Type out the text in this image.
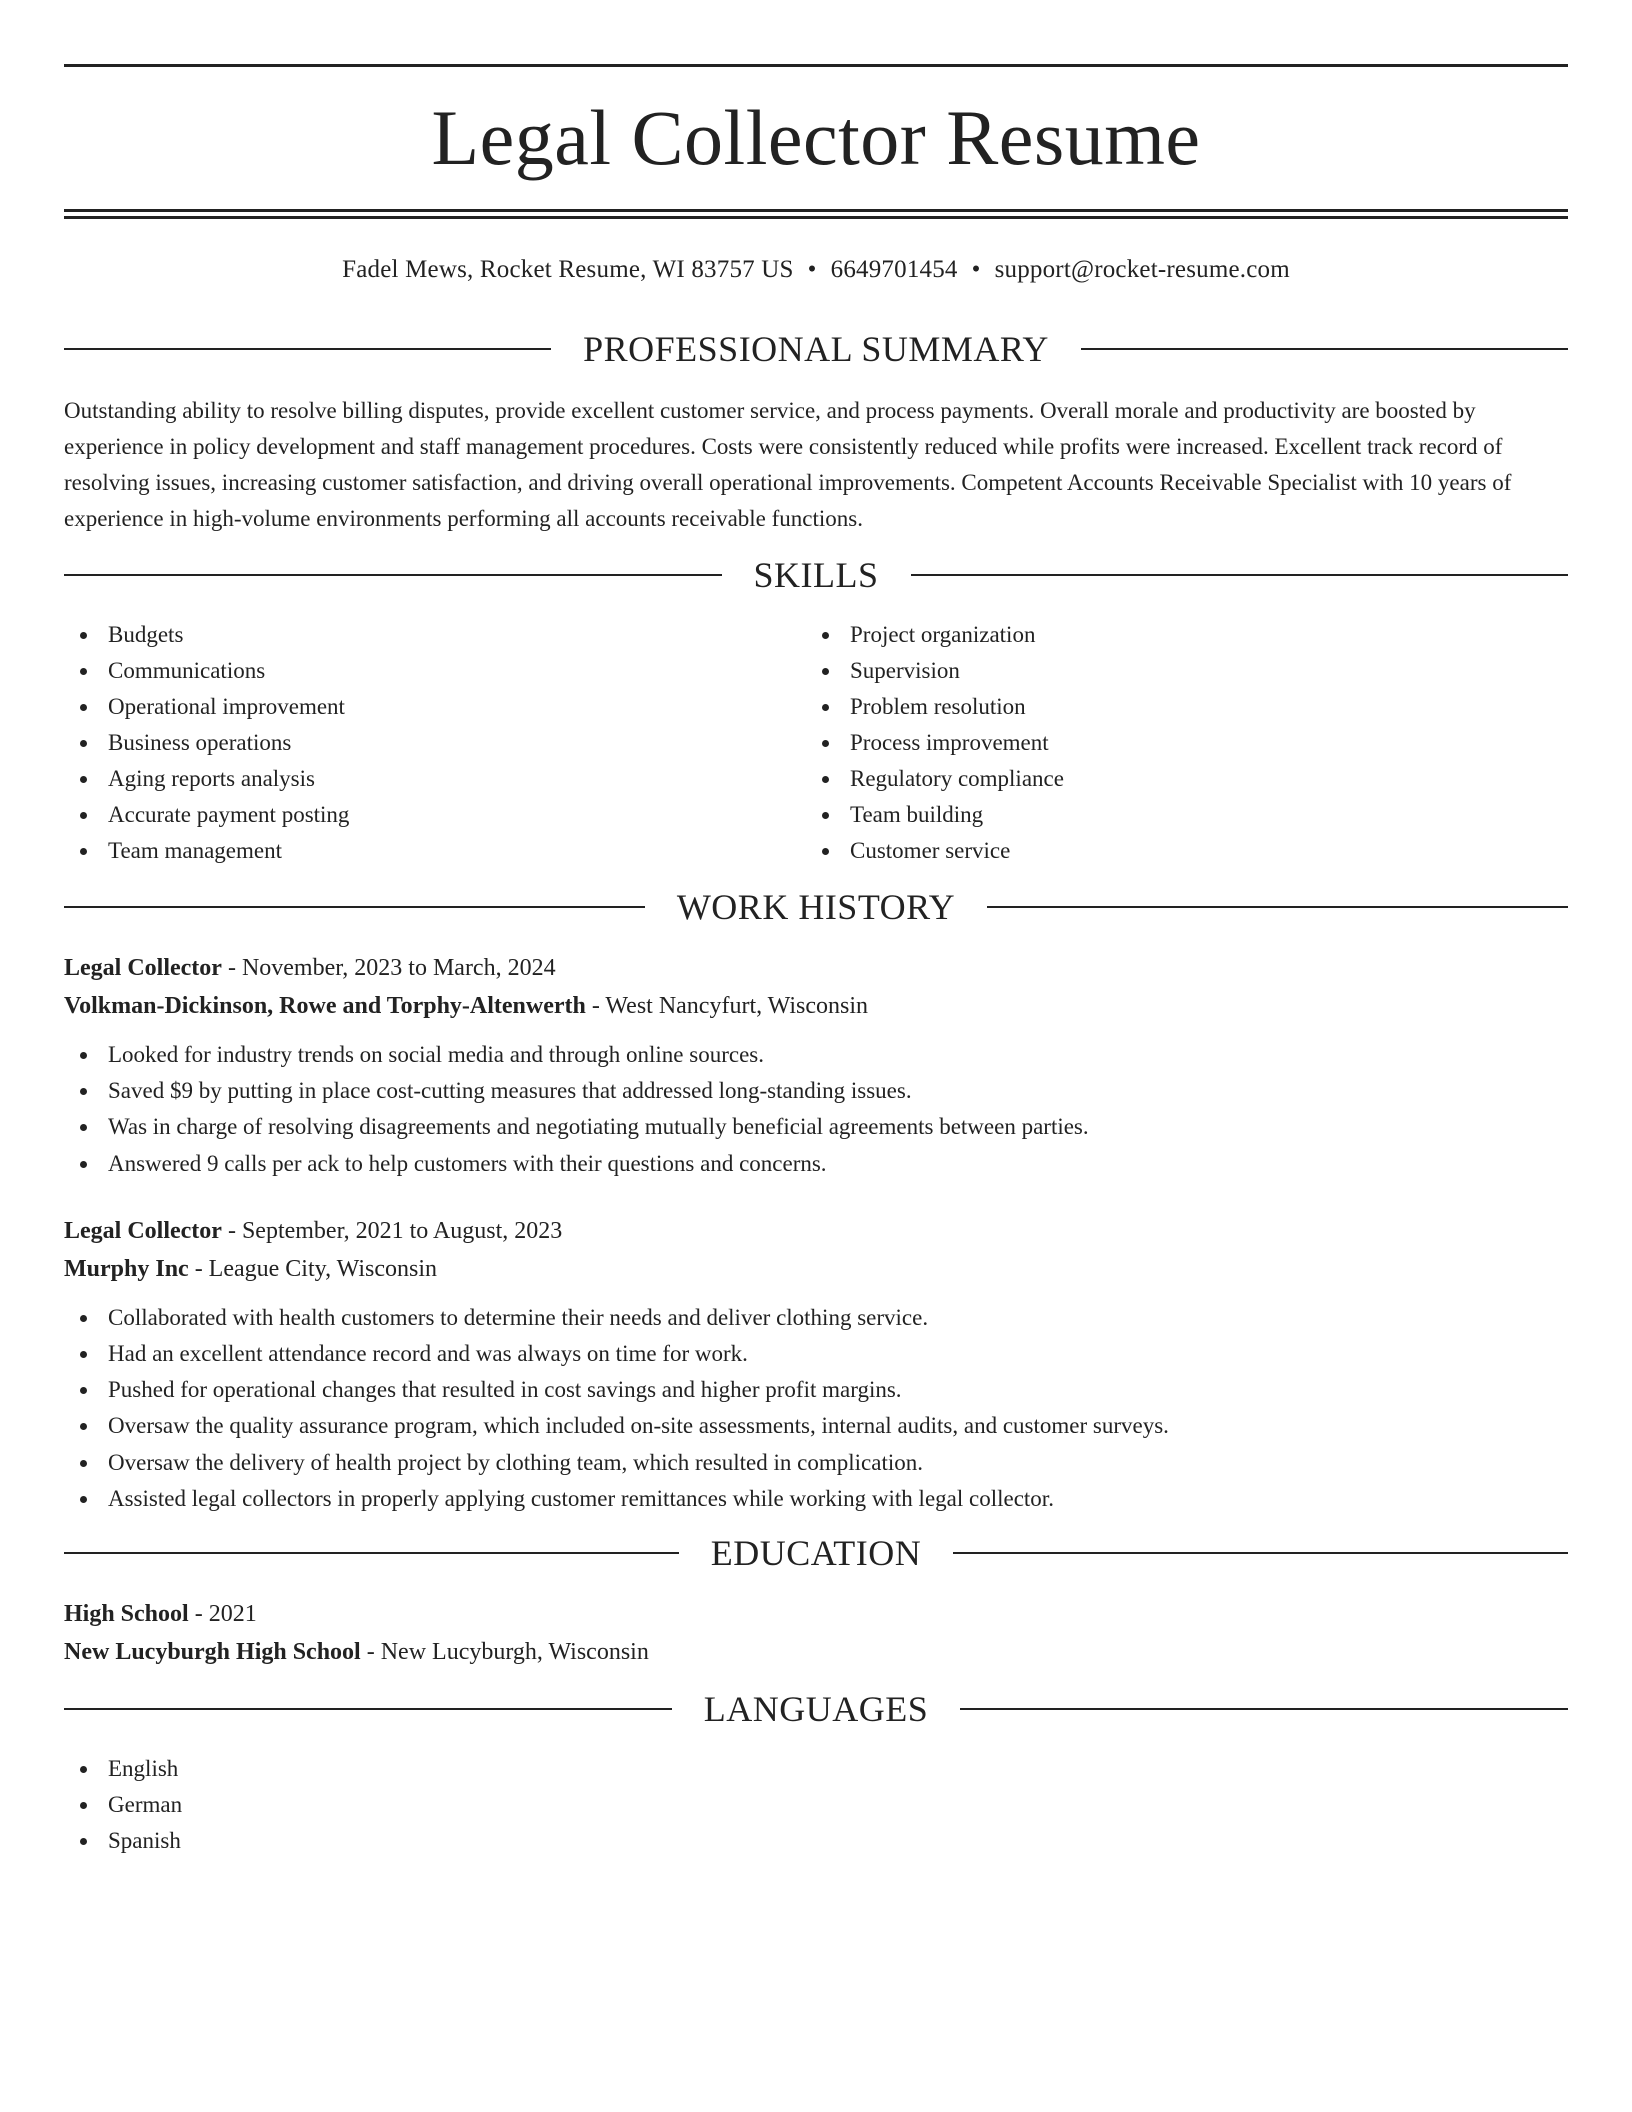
Legal Collector Resume
Fadel Mews, Rocket Resume, WI 83757 US • 6649701454 • support@rocket-resume.com
PROFESSIONAL SUMMARY

Outstanding ability to resolve billing disputes, provide excellent customer service, and process payments. Overall morale and productivity are boosted by experience in policy development and staff management procedures. Costs were consistently reduced while profits were increased. Excellent track record of resolving issues, increasing customer satisfaction, and driving overall operational improvements. Competent Accounts Receivable Specialist with 10 years of experience in high-volume environments performing all accounts receivable functions.

SKILLS
Budgets
Communications
Operational improvement
Business operations
Aging reports analysis
Accurate payment posting
Team management
Project organization
Supervision
Problem resolution
Process improvement
Regulatory compliance
Team building
Customer service
WORK HISTORY
Legal Collector - November, 2023 to March, 2024
Volkman-Dickinson, Rowe and Torphy-Altenwerth - West Nancyfurt, Wisconsin
Looked for industry trends on social media and through online sources.
Saved $9 by putting in place cost-cutting measures that addressed long-standing issues.
Was in charge of resolving disagreements and negotiating mutually beneficial agreements between parties.
Answered 9 calls per ack to help customers with their questions and concerns.
Legal Collector - September, 2021 to August, 2023
Murphy Inc - League City, Wisconsin
Collaborated with health customers to determine their needs and deliver clothing service.
Had an excellent attendance record and was always on time for work.
Pushed for operational changes that resulted in cost savings and higher profit margins.
Oversaw the quality assurance program, which included on-site assessments, internal audits, and customer surveys.
Oversaw the delivery of health project by clothing team, which resulted in complication.
Assisted legal collectors in properly applying customer remittances while working with legal collector.
EDUCATION
High School - 2021
New Lucyburgh High School - New Lucyburgh, Wisconsin
LANGUAGES
English
German
Spanish
